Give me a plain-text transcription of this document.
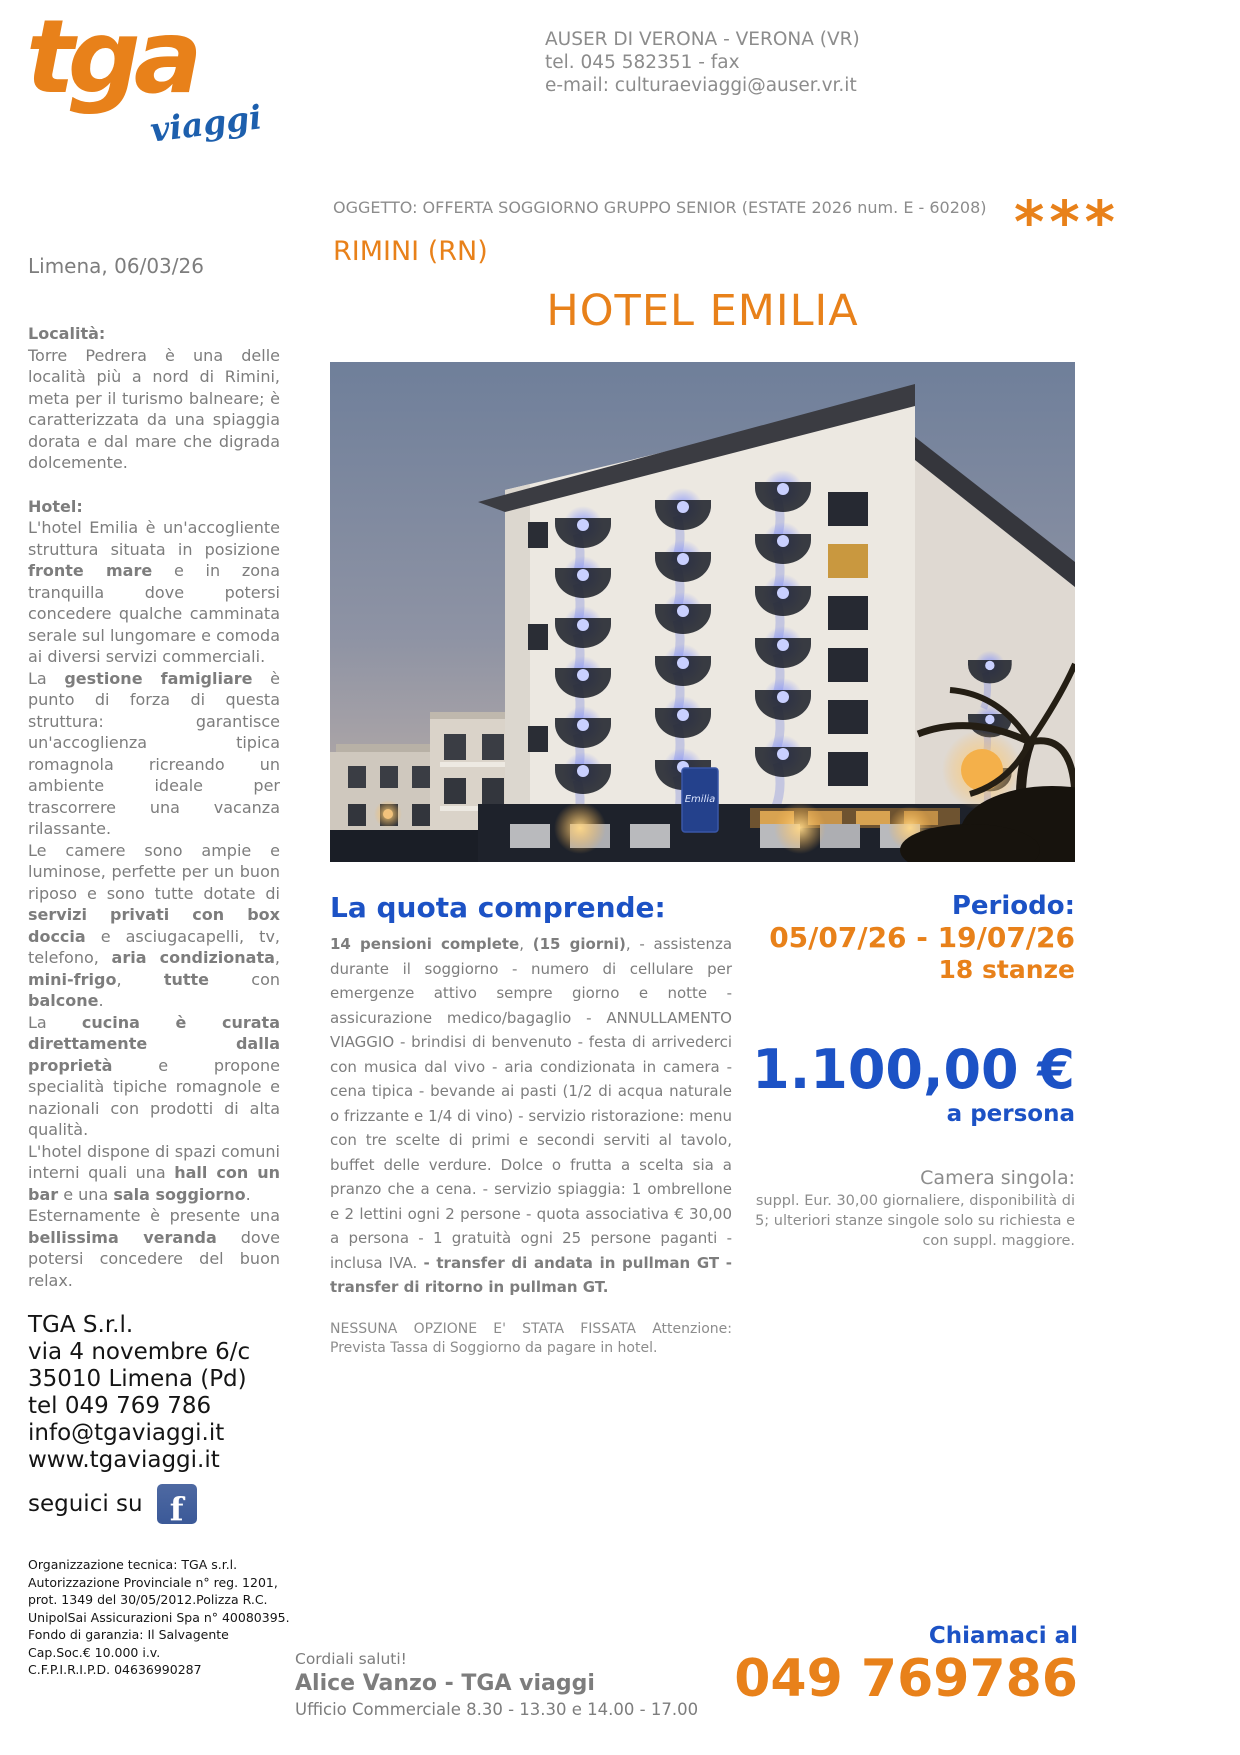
tga
viaggi
AUSER DI VERONA - VERONA (VR)
tel. 045 582351 - fax
e-mail: culturaeviaggi@auser.vr.it
OGGETTO: OFFERTA SOGGIORNO GRUPPO SENIOR (ESTATE 2026 num. E - 60208)
Limena, 06/03/26	RIMINI (RN)	***
HOTEL EMILIA
Emilia
Località:

Torre Pedrera è una delle località più a nord di Rimini, meta per il turismo balneare; è caratterizzata da una spiaggia dorata e dal mare che digrada dolcemente.

Hotel:

L'hotel Emilia è un'accogliente struttura situata in posizione fronte mare e in zona tranquilla dove potersi concedere qualche camminata serale sul lungomare e comoda ai diversi servizi commerciali.

La gestione famigliare è punto di forza di questa struttura: garantisce un'accoglienza tipica romagnola ricreando un ambiente ideale per trascorrere una vacanza rilassante.

Le camere sono ampie e luminose, perfette per un buon riposo e sono tutte dotate di servizi privati con box doccia e asciugacapelli, tv, telefono, aria condizionata, mini-frigo, tutte con balcone.

La cucina è curata direttamente dalla proprietà e propone specialità tipiche romagnole e nazionali con prodotti di alta qualità.

L'hotel dispone di spazi comuni interni quali una hall con un bar e una sala soggiorno.

Esternamente è presente una bellissima veranda dove potersi concedere del buon relax.

TGA S.r.l.
via 4 novembre 6/c
35010 Limena (Pd)
tel 049 769 786
info@tgaviaggi.it
www.tgaviaggi.it
seguici su f
Organizzazione tecnica: TGA s.r.l.
Autorizzazione Provinciale n° reg. 1201,
prot. 1349 del 30/05/2012.Polizza R.C.
UnipolSai Assicurazioni Spa n° 40080395.
Fondo di garanzia: Il Salvagente
Cap.Soc.€ 10.000 i.v.
C.F.P.I.R.I.P.D. 04636990287
La quota comprende:

14 pensioni complete, (15 giorni), - assistenza durante il soggiorno - numero di cellulare per emergenze attivo sempre giorno e notte - assicurazione medico/bagaglio - ANNULLAMENTO VIAGGIO - brindisi di benvenuto - festa di arrivederci con musica dal vivo - aria condizionata in camera - cena tipica - bevande ai pasti (1/2 di acqua naturale o frizzante e 1/4 di vino) - servizio ristorazione: menu con tre scelte di primi e secondi serviti al tavolo, buffet delle verdure. Dolce o frutta a scelta sia a pranzo che a cena. - servizio spiaggia: 1 ombrellone e 2 lettini ogni 2 persone - quota associativa € 30,00 a persona - 1 gratuità ogni 25 persone paganti - inclusa IVA. - transfer di andata in pullman GT - transfer di ritorno in pullman GT.

NESSUNA OPZIONE E' STATA FISSATA Attenzione: Prevista Tassa di Soggiorno da pagare in hotel.

Periodo:
05/07/26 - 19/07/26
18 stanze
1.100,00 €
a persona
Camera singola:
suppl. Eur. 30,00 giornaliere, disponibilità di 5; ulteriori stanze singole solo su richiesta e con suppl. maggiore.
Cordiali saluti!
Alice Vanzo - TGA viaggi
Ufficio Commerciale 8.30 - 13.30 e 14.00 - 17.00
Chiamaci al
049 769786
